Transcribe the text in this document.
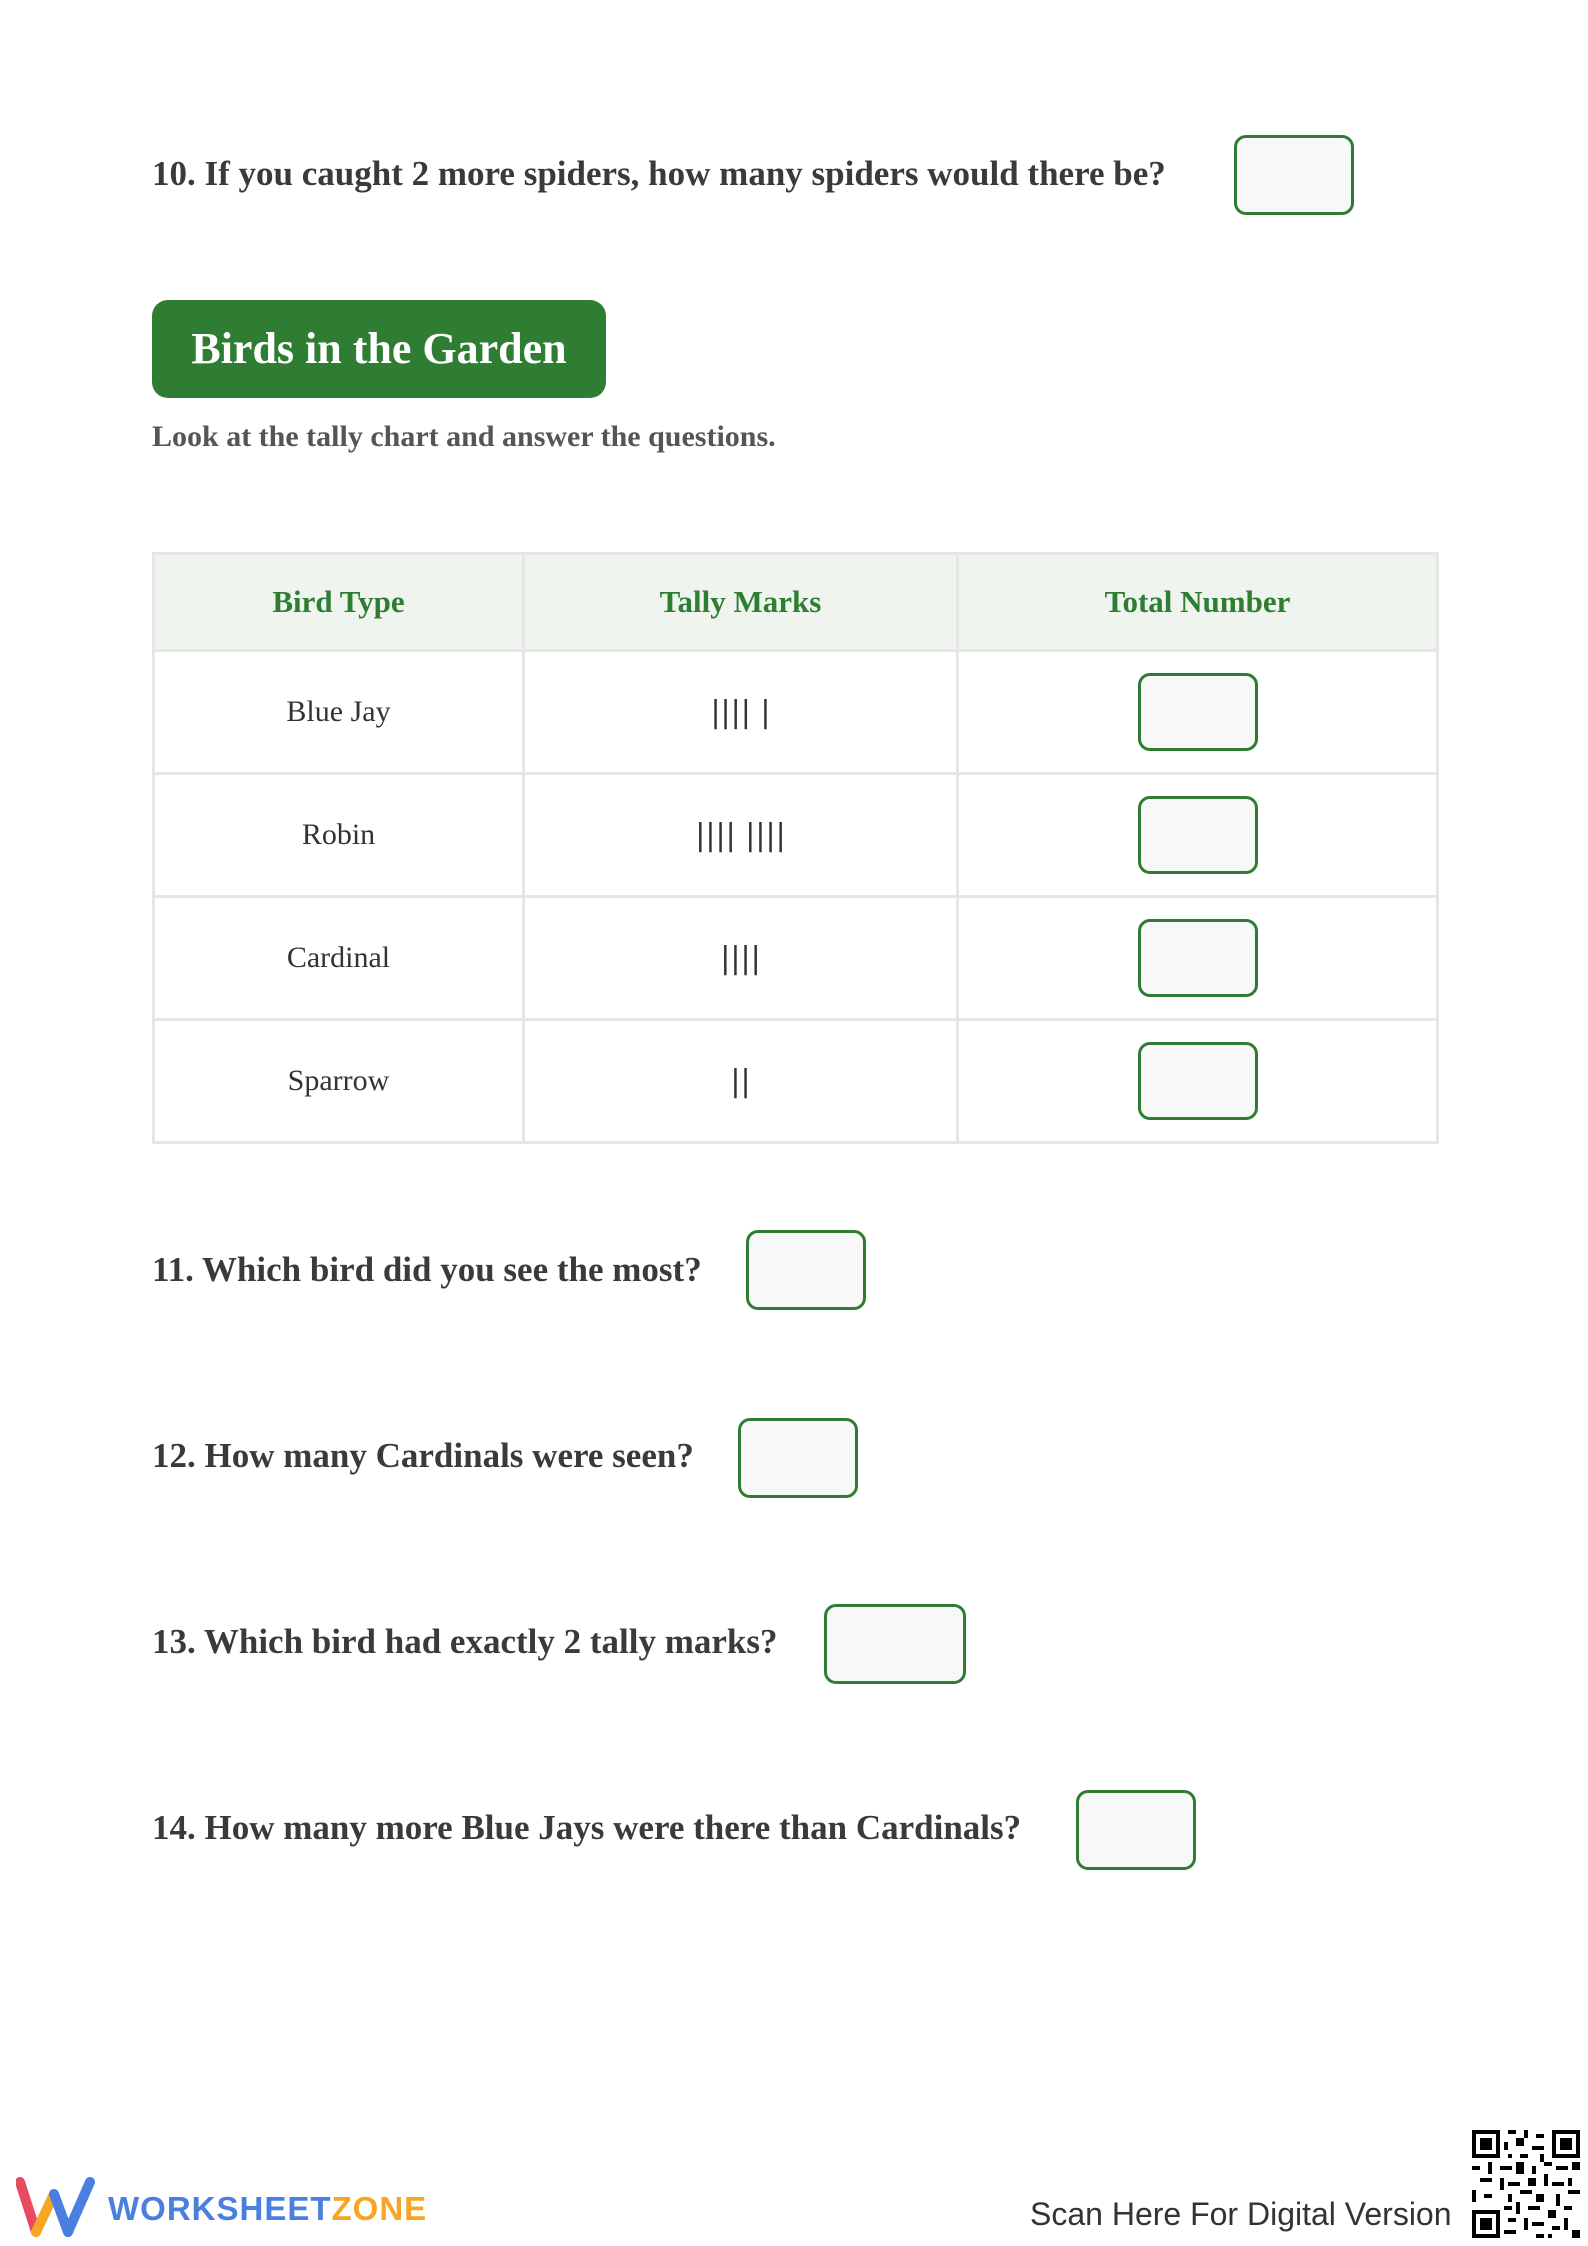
10. If you caught 2 more spiders, how many spiders would there be?
Birds in the Garden
Look at the tally chart and answer the questions.
Bird Type	Tally Marks	Total Number
Blue Jay	|||| |	
Robin	|||| ||||	
Cardinal	||||	
Sparrow	||	
11. Which bird did you see the most?
12. How many Cardinals were seen?
13. Which bird had exactly 2 tally marks?
14. How many more Blue Jays were there than Cardinals?
WORKSHEETZONE	Scan Here For Digital Version
